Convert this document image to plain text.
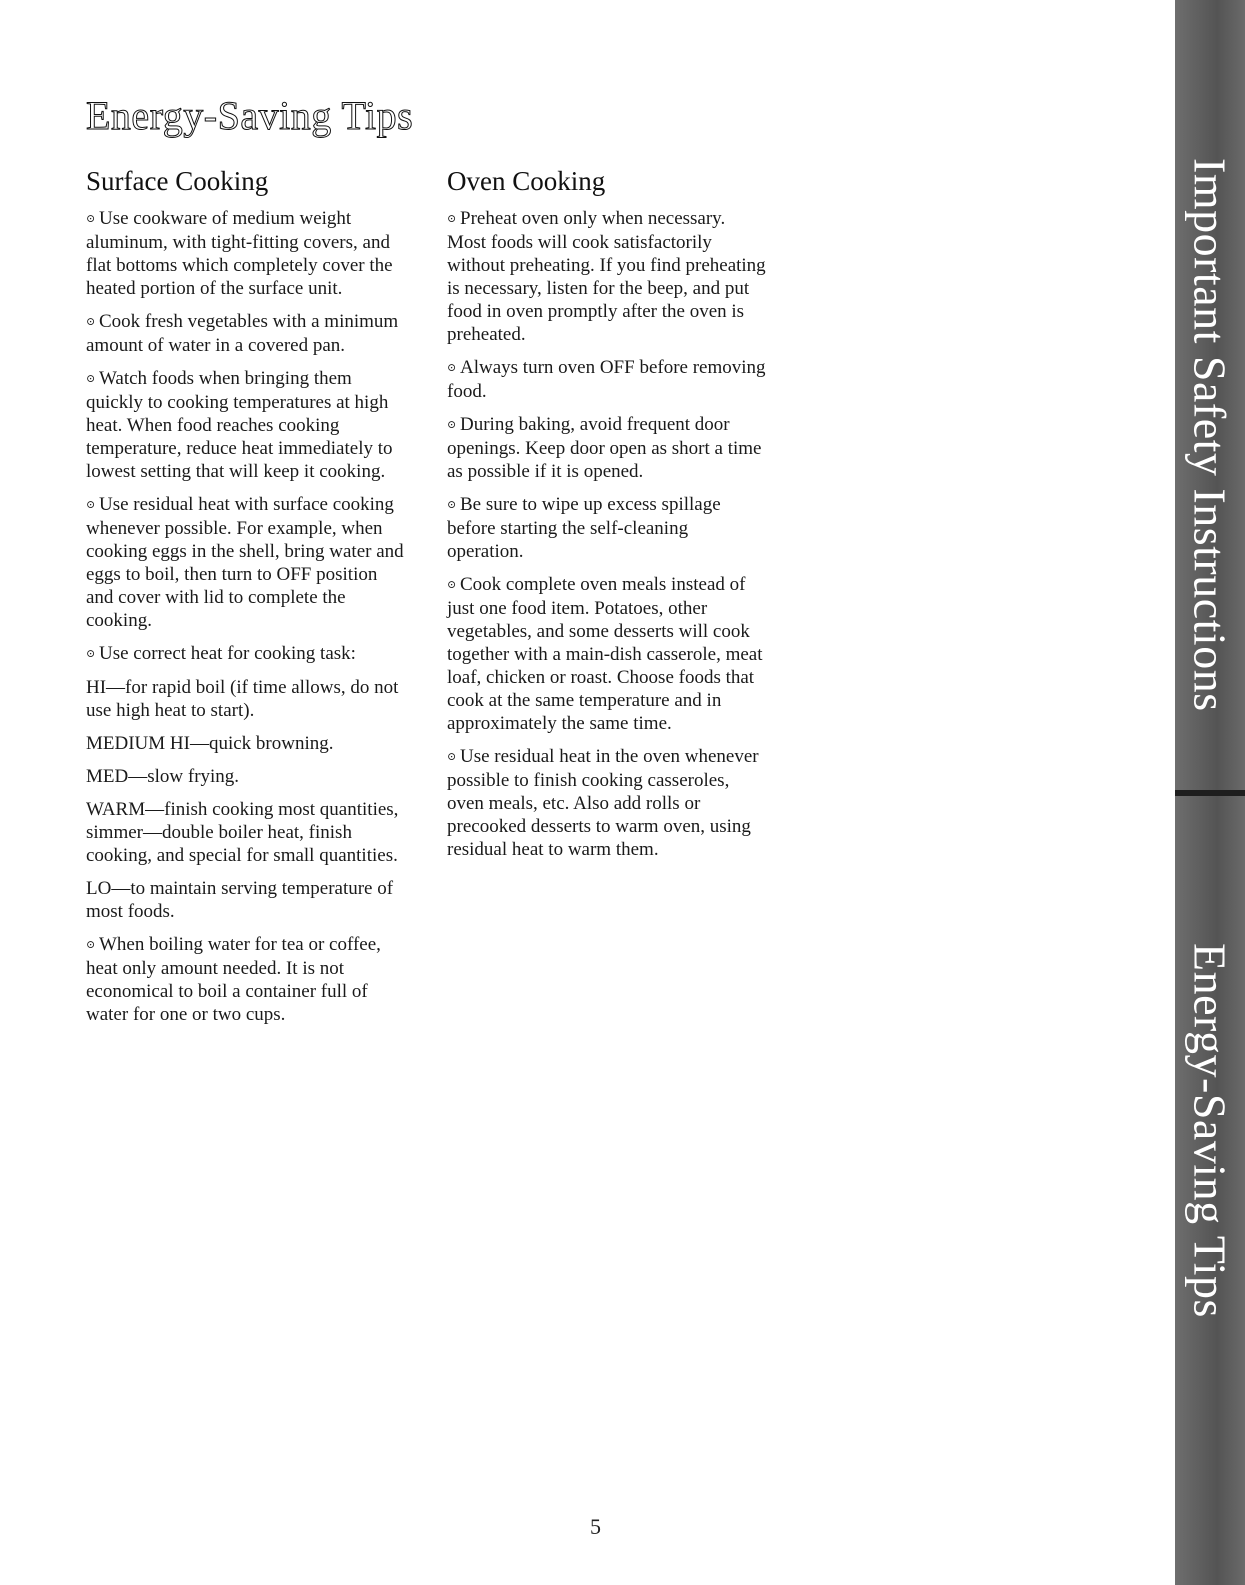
Energy-Saving Tips
Surface Cooking

⊙ Use cookware of medium weight aluminum, with tight-fitting covers, and flat bottoms which completely cover the heated portion of the surface unit.

⊙ Cook fresh vegetables with a minimum amount of water in a covered pan.

⊙ Watch foods when bringing them quickly to cooking temperatures at high heat. When food reaches cooking temperature, reduce heat immediately to lowest setting that will keep it cooking.

⊙ Use residual heat with surface cooking whenever possible. For example, when cooking eggs in the shell, bring water and eggs to boil, then turn to OFF position and cover with lid to complete the cooking.

⊙ Use correct heat for cooking task:

HI—for rapid boil (if time allows, do not use high heat to start).

MEDIUM HI—quick browning.

MED—slow frying.

WARM—finish cooking most quantities, simmer—double boiler heat, finish cooking, and special for small quantities.

LO—to maintain serving temperature of most foods.

⊙ When boiling water for tea or coffee, heat only amount needed. It is not economical to boil a container full of water for one or two cups.

Oven Cooking

⊙ Preheat oven only when necessary. Most foods will cook satisfactorily without preheating. If you find preheating is necessary, listen for the beep, and put food in oven promptly after the oven is preheated.

⊙ Always turn oven OFF before removing food.

⊙ During baking, avoid frequent door openings. Keep door open as short a time as possible if it is opened.

⊙ Be sure to wipe up excess spillage before starting the self-cleaning operation.

⊙ Cook complete oven meals instead of just one food item. Potatoes, other vegetables, and some desserts will cook together with a main-dish casserole, meat loaf, chicken or roast. Choose foods that cook at the same temperature and in approximately the same time.

⊙ Use residual heat in the oven whenever possible to finish cooking casseroles, oven meals, etc. Also add rolls or precooked desserts to warm oven, using residual heat to warm them.

Important Safety Instructions
Energy-Saving Tips
5
